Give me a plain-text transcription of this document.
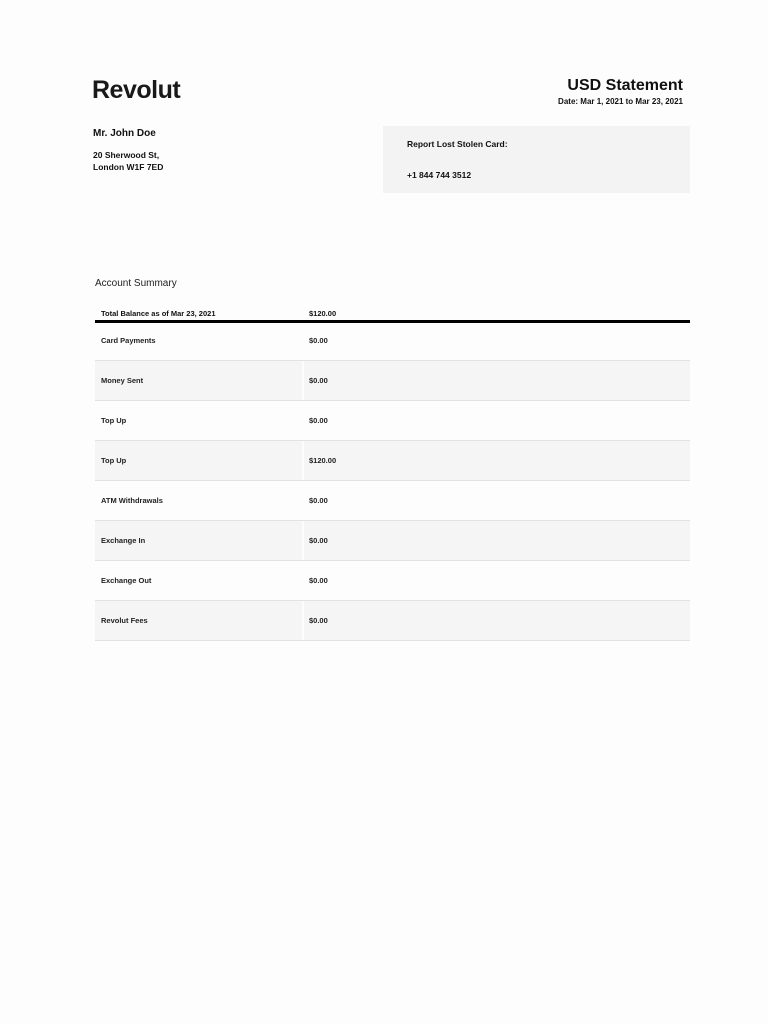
Revolut	USD Statement
Date: Mar 1, 2021 to Mar 23, 2021
Mr. John Doe
20 Sherwood St,
London W1F 7ED
Report Lost Stolen Card:
+1 844 744 3512
Account Summary
Total Balance as of Mar 23, 2021	$120.00
Card Payments	$0.00
Money Sent	$0.00
Top Up	$0.00
Top Up	$120.00
ATM Withdrawals	$0.00
Exchange In	$0.00
Exchange Out	$0.00
Revolut Fees	$0.00
